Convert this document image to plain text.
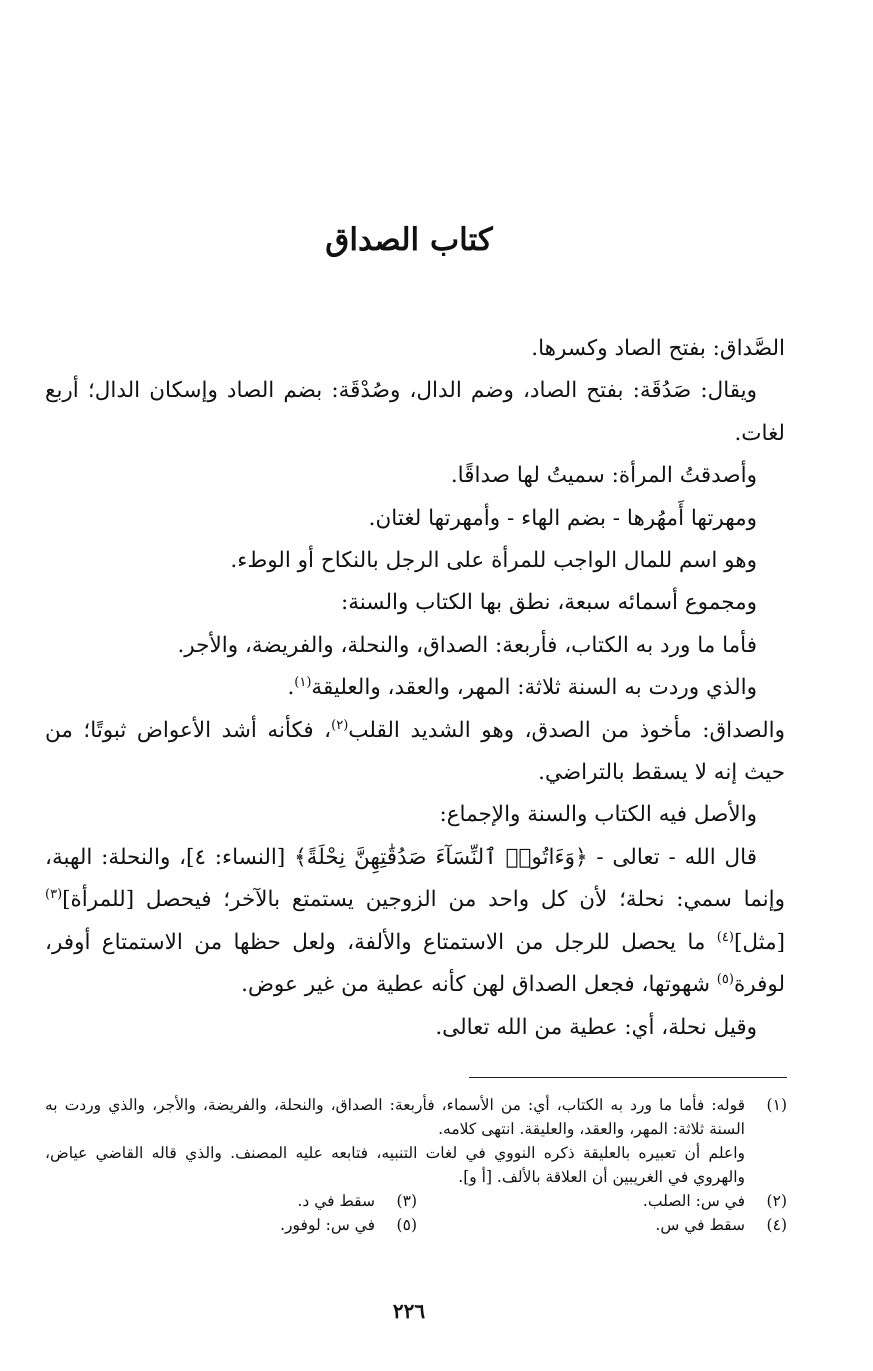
كتاب الصداق

الصَّداق: بفتح الصاد وكسرها.

ويقال: صَدُقَة: بفتح الصاد، وضم الدال، وصُدْقَة: بضم الصاد وإسكان الدال؛ أربع لغات.

وأصدقتُ المرأة: سميتُ لها صداقًا.

ومهرتها أَمهُرها - بضم الهاء - وأمهرتها لغتان.

وهو اسم للمال الواجب للمرأة على الرجل بالنكاح أو الوطء.

ومجموع أسمائه سبعة، نطق بها الكتاب والسنة:

فأما ما ورد به الكتاب، فأربعة: الصداق، والنحلة، والفريضة، والأجر.

والذي وردت به السنة ثلاثة: المهر، والعقد، والعليقة$^{(١)}$.

والصداق: مأخوذ من الصدق، وهو الشديد القلب$^{(٢)}$، فكأنه أشد الأعواض ثبوتًا؛ من حيث إنه لا يسقط بالتراضي.

والأصل فيه الكتاب والسنة والإجماع:

قال الله - تعالى - ﴿وَءَاتُوا۟ ٱلنِّسَآءَ صَدُقَٰتِهِنَّ نِحْلَةً﴾ [النساء: ٤]، والنحلة: الهبة، وإنما سمي: نحلة؛ لأن كل واحد من الزوجين يستمتع بالآخر؛ فيحصل [للمرأة]$^{(٣)}$ [مثل]$^{(٤)}$ ما يحصل للرجل من الاستمتاع والألفة، ولعل حظها من الاستمتاع أوفر، لوفرة$^{(٥)}$ شهوتها، فجعل الصداق لهن كأنه عطية من غير عوض.

وقيل نحلة، أي: عطية من الله تعالى.

(١)

قوله: فأما ما ورد به الكتاب، أي: من الأسماء، فأربعة: الصداق، والنحلة، والفريضة، والأجر، والذي وردت به السنة ثلاثة: المهر، والعقد، والعليقة. انتهى كلامه.

واعلم أن تعبيره بالعليقة ذكره النووي في لغات التنبيه، فتابعه عليه المصنف. والذي قاله القاضي عياض، والهروي في الغريبين أن العلاقة بالألف. [أ و].

(٢)
في س: الصلب.
(٣)
سقط في د.
(٤)
سقط في س.
(٥)
في س: لوفور.
٢٢٦
